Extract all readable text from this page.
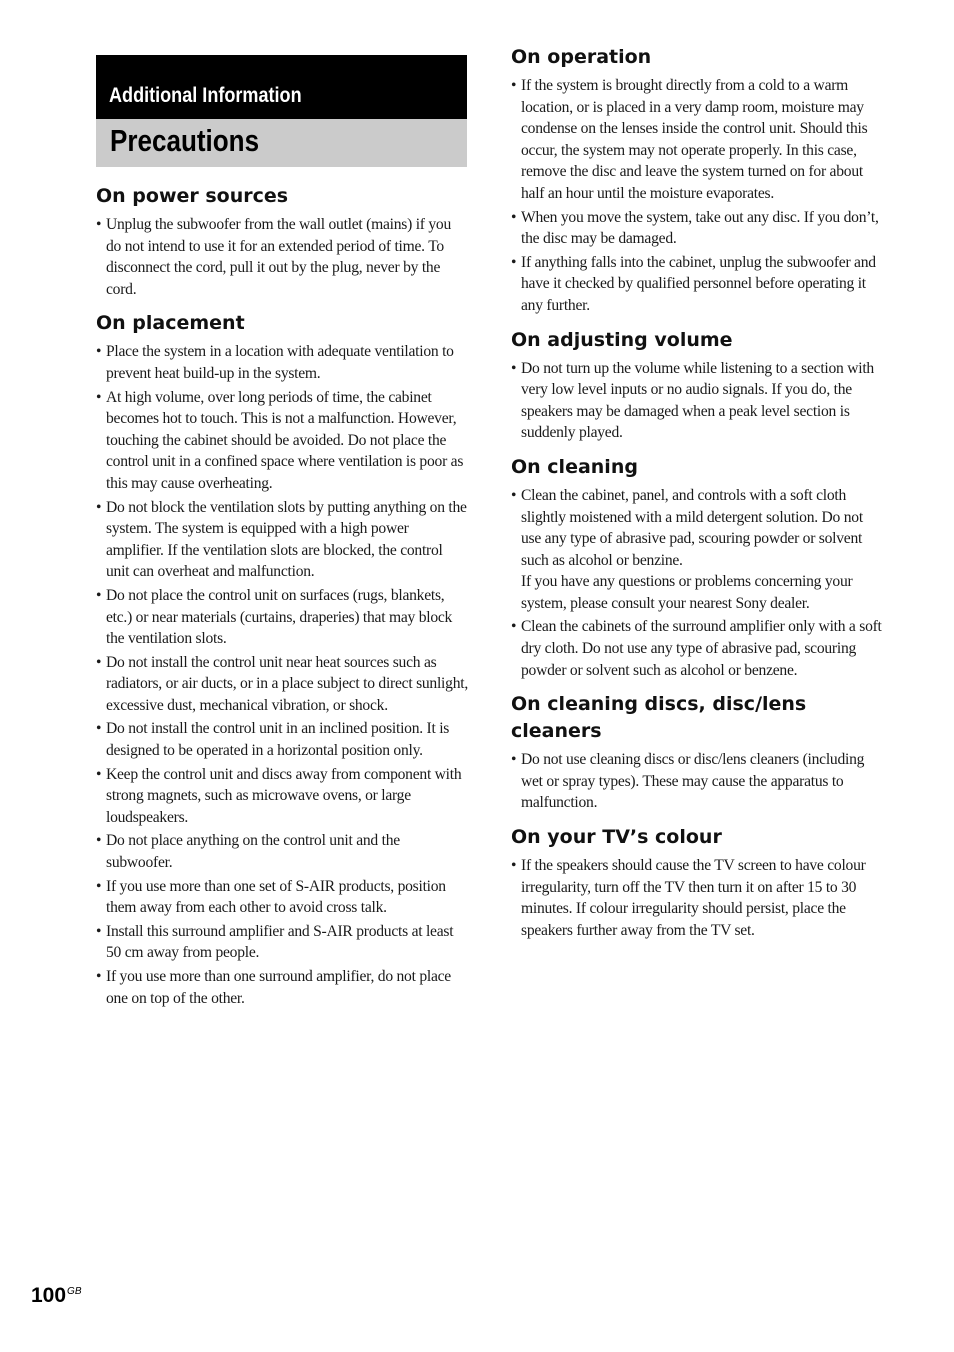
Additional Information
Precautions
On power sources
• Unplug the subwoofer from the wall outlet (mains) if you do not intend to use it for an extended period of time. To disconnect the cord, pull it out by the plug, never by the cord.
On placement
• Place the system in a location with adequate ventilation to prevent heat build-up in the system.
• At high volume, over long periods of time, the cabinet becomes hot to touch. This is not a malfunction. However, touching the cabinet should be avoided. Do not place the control unit in a confined space where ventilation is poor as this may cause overheating.
• Do not block the ventilation slots by putting anything on the system. The system is equipped with a high power amplifier. If the ventilation slots are blocked, the control unit can overheat and malfunction.
• Do not place the control unit on surfaces (rugs, blankets, etc.) or near materials (curtains, draperies) that may block the ventilation slots.
• Do not install the control unit near heat sources such as radiators, or air ducts, or in a place subject to direct sunlight, excessive dust, mechanical vibration, or shock.
• Do not install the control unit in an inclined position. It is designed to be operated in a horizontal position only.
• Keep the control unit and discs away from component with strong magnets, such as microwave ovens, or large loudspeakers.
• Do not place anything on the control unit and the subwoofer.
• If you use more than one set of S-AIR products, position them away from each other to avoid cross talk.
• Install this surround amplifier and S-AIR products at least 50 cm away from people.
• If you use more than one surround amplifier, do not place one on top of the other.
On operation
• If the system is brought directly from a cold to a warm location, or is placed in a very damp room, moisture may condense on the lenses inside the control unit. Should this occur, the system may not operate properly. In this case, remove the disc and leave the system turned on for about half an hour until the moisture evaporates.
• When you move the system, take out any disc. If you don’t, the disc may be damaged.
• If anything falls into the cabinet, unplug the subwoofer and have it checked by qualified personnel before operating it any further.
On adjusting volume
• Do not turn up the volume while listening to a section with very low level inputs or no audio signals. If you do, the speakers may be damaged when a peak level section is suddenly played.
On cleaning
• Clean the cabinet, panel, and controls with a soft cloth slightly moistened with a mild detergent solution. Do not use any type of abrasive pad, scouring powder or solvent such as alcohol or benzine.
If you have any questions or problems concerning your system, please consult your nearest Sony dealer.
• Clean the cabinets of the surround amplifier only with a soft dry cloth. Do not use any type of abrasive pad, scouring powder or solvent such as alcohol or benzene.
On cleaning discs, disc/lens cleaners
• Do not use cleaning discs or disc/lens cleaners (including wet or spray types). These may cause the apparatus to malfunction.
On your TV’s colour
• If the speakers should cause the TV screen to have colour irregularity, turn off the TV then turn it on after 15 to 30 minutes. If colour irregularity should persist, place the speakers further away from the TV set.
$100^{GB}$
